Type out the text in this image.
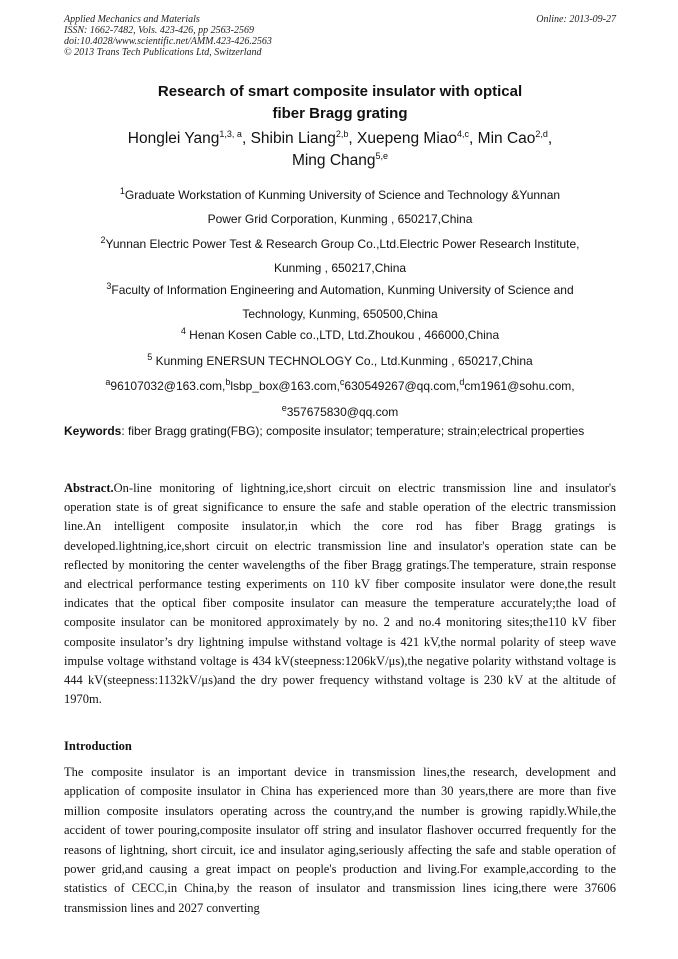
Applied Mechanics and Materials	Online: 2013-09-27
ISSN: 1662-7482, Vols. 423-426, pp 2563-2569
doi:10.4028/www.scientific.net/AMM.423-426.2563
© 2013 Trans Tech Publications Ltd, Switzerland
Research of smart composite insulator with optical
fiber Bragg grating
Honglei Yang$^{1,3, a}$, Shibin Liang$^{2,b}$, Xuepeng Miao$^{4,c}$, Min Cao$^{2,d}$,
Ming Chang$^{5,e}$
$^1$Graduate Workstation of Kunming University of Science and Technology &Yunnan
Power Grid Corporation, Kunming , 650217,China
$^2$Yunnan Electric Power Test & Research Group Co.,Ltd.Electric Power Research Institute,
Kunming , 650217,China
$^3$Faculty of Information Engineering and Automation, Kunming University of Science and
Technology, Kunming, 650500,China
$^4$ Henan Kosen Cable co.,LTD, Ltd.Zhoukou , 466000,China
$^5$ Kunming ENERSUN TECHNOLOGY Co., Ltd.Kunming , 650217,China
$^a$96107032@163.com,$^b$lsbp_box@163.com,$^c$630549267@qq.com,$^d$cm1961@sohu.com,
$^e$357675830@qq.com
Keywords: fiber Bragg grating(FBG); composite insulator; temperature; strain;electrical properties
Abstract.On-line monitoring of lightning,ice,short circuit on electric transmission line and insulator's operation state is of great significance to ensure the safe and stable operation of the electric transmission line.An intelligent composite insulator,in which the core rod has fiber Bragg gratings is developed.lightning,ice,short circuit on electric transmission line and insulator's operation state can be reflected by monitoring the center wavelengths of the fiber Bragg gratings.The temperature, strain response and electrical performance testing experiments on 110 kV fiber composite insulator were done,the result indicates that the optical fiber composite insulator can measure the temperature accurately;the load of composite insulator can be monitored approximately by no. 2 and no.4 monitoring sites;the110 kV fiber composite insulator’s dry lightning impulse withstand voltage is 421 kV,the normal polarity of steep wave impulse voltage withstand voltage is 434 kV(steepness:1206kV/μs),the negative polarity withstand voltage is 444 kV(steepness:1132kV/μs)and the dry power frequency withstand voltage is 230 kV at the altitude of 1970m.
Introduction
The composite insulator is an important device in transmission lines,the research, development and application of composite insulator in China has experienced more than 30 years,there are more than five million composite insulators operating across the country,and the number is growing rapidly.While,the accident of tower pouring,composite insulator off string and insulator flashover occurred frequently for the reasons of lightning, short circuit, ice and insulator aging,seriously affecting the safe and stable operation of power grid,and causing a great impact on people's production and living.For example,according to the statistics of CECC,in China,by the reason of insulator and transmission lines icing,there were 37606 transmission lines and 2027 converting
